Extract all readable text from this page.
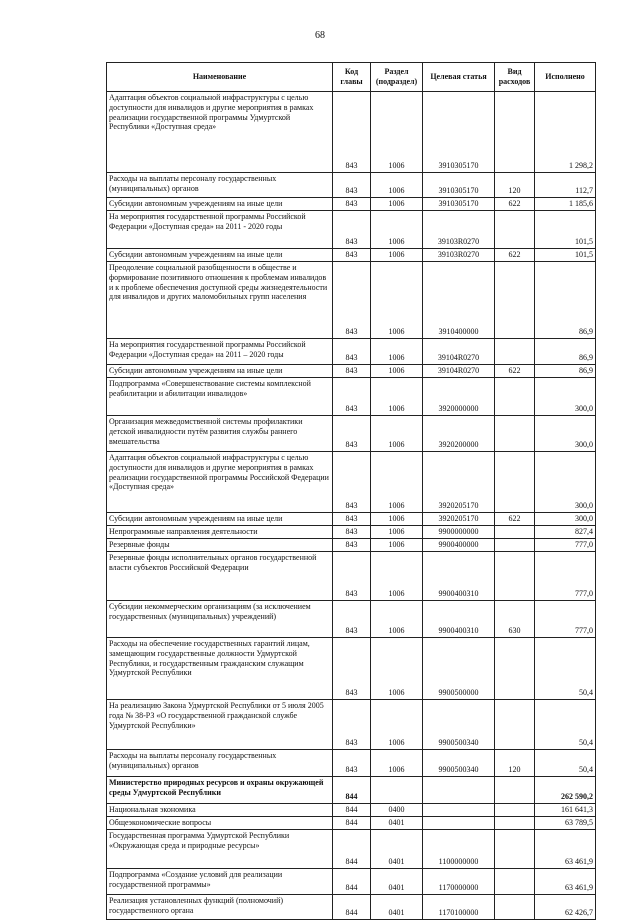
68
Наименование	Код главы	Раздел (подраздел)	Целевая статья	Вид расходов	Исполнено
Адаптация объектов социальной инфраструктуры с целью доступности для инвалидов и другие мероприятия в рамках реализации государственной программы Удмуртской Республики «Доступная среда»	843	1006	3910305170		1 298,2
Расходы на выплаты персоналу государственных (муниципальных) органов	843	1006	3910305170	120	112,7
Субсидии автономным учреждениям на иные цели	843	1006	3910305170	622	1 185,6
На мероприятия государственной программы Российской Федерации «Доступная среда» на 2011 - 2020 годы	843	1006	39103R0270		101,5
Субсидии автономным учреждениям на иные цели	843	1006	39103R0270	622	101,5
Преодоление социальной разобщенности в обществе и формирование позитивного отношения к проблемам инвалидов и к проблеме обеспечения доступной среды жизнедеятельности для инвалидов и других маломобильных групп населения	843	1006	3910400000		86,9
На мероприятия государственной программы Российской Федерации «Доступная среда» на 2011 – 2020 годы	843	1006	39104R0270		86,9
Субсидии автономным учреждениям на иные цели	843	1006	39104R0270	622	86,9
Подпрограмма «Совершенствование системы комплексной реабилитации и абилитации инвалидов»	843	1006	3920000000		300,0
Организация межведомственной системы профилактики детской инвалидности путём развития службы раннего вмешательства	843	1006	3920200000		300,0
Адаптация объектов социальной инфраструктуры с целью доступности для инвалидов и другие мероприятия в рамках реализации государственной программы Российской Федерации «Доступная среда»	843	1006	3920205170		300,0
Субсидии автономным учреждениям на иные цели	843	1006	3920205170	622	300,0
Непрограммные направления деятельности	843	1006	9900000000		827,4
Резервные фонды	843	1006	9900400000		777,0
Резервные фонды исполнительных органов государственной власти субъектов Российской Федерации	843	1006	9900400310		777,0
Субсидии некоммерческим организациям (за исключением государственных (муниципальных) учреждений)	843	1006	9900400310	630	777,0
Расходы на обеспечение государственных гарантий лицам, замещающим государственные должности Удмуртской Республики, и государственным гражданским служащим Удмуртской Республики	843	1006	9900500000		50,4
На реализацию Закона Удмуртской Республики от 5 июля 2005 года № 38-РЗ «О государственной гражданской службе Удмуртской Республики»	843	1006	9900500340		50,4
Расходы на выплаты персоналу государственных (муниципальных) органов	843	1006	9900500340	120	50,4
Министерство природных ресурсов и охраны окружающей среды Удмуртской Республики	844				262 590,2
Национальная экономика	844	0400			161 641,3
Общеэкономические вопросы	844	0401			63 789,5
Государственная программа Удмуртской Республики «Окружающая среда и природные ресурсы»	844	0401	1100000000		63 461,9
Подпрограмма «Создание условий для реализации государственной программы»	844	0401	1170000000		63 461,9
Реализация установленных функций (полномочий) государственного органа	844	0401	1170100000		62 426,7
